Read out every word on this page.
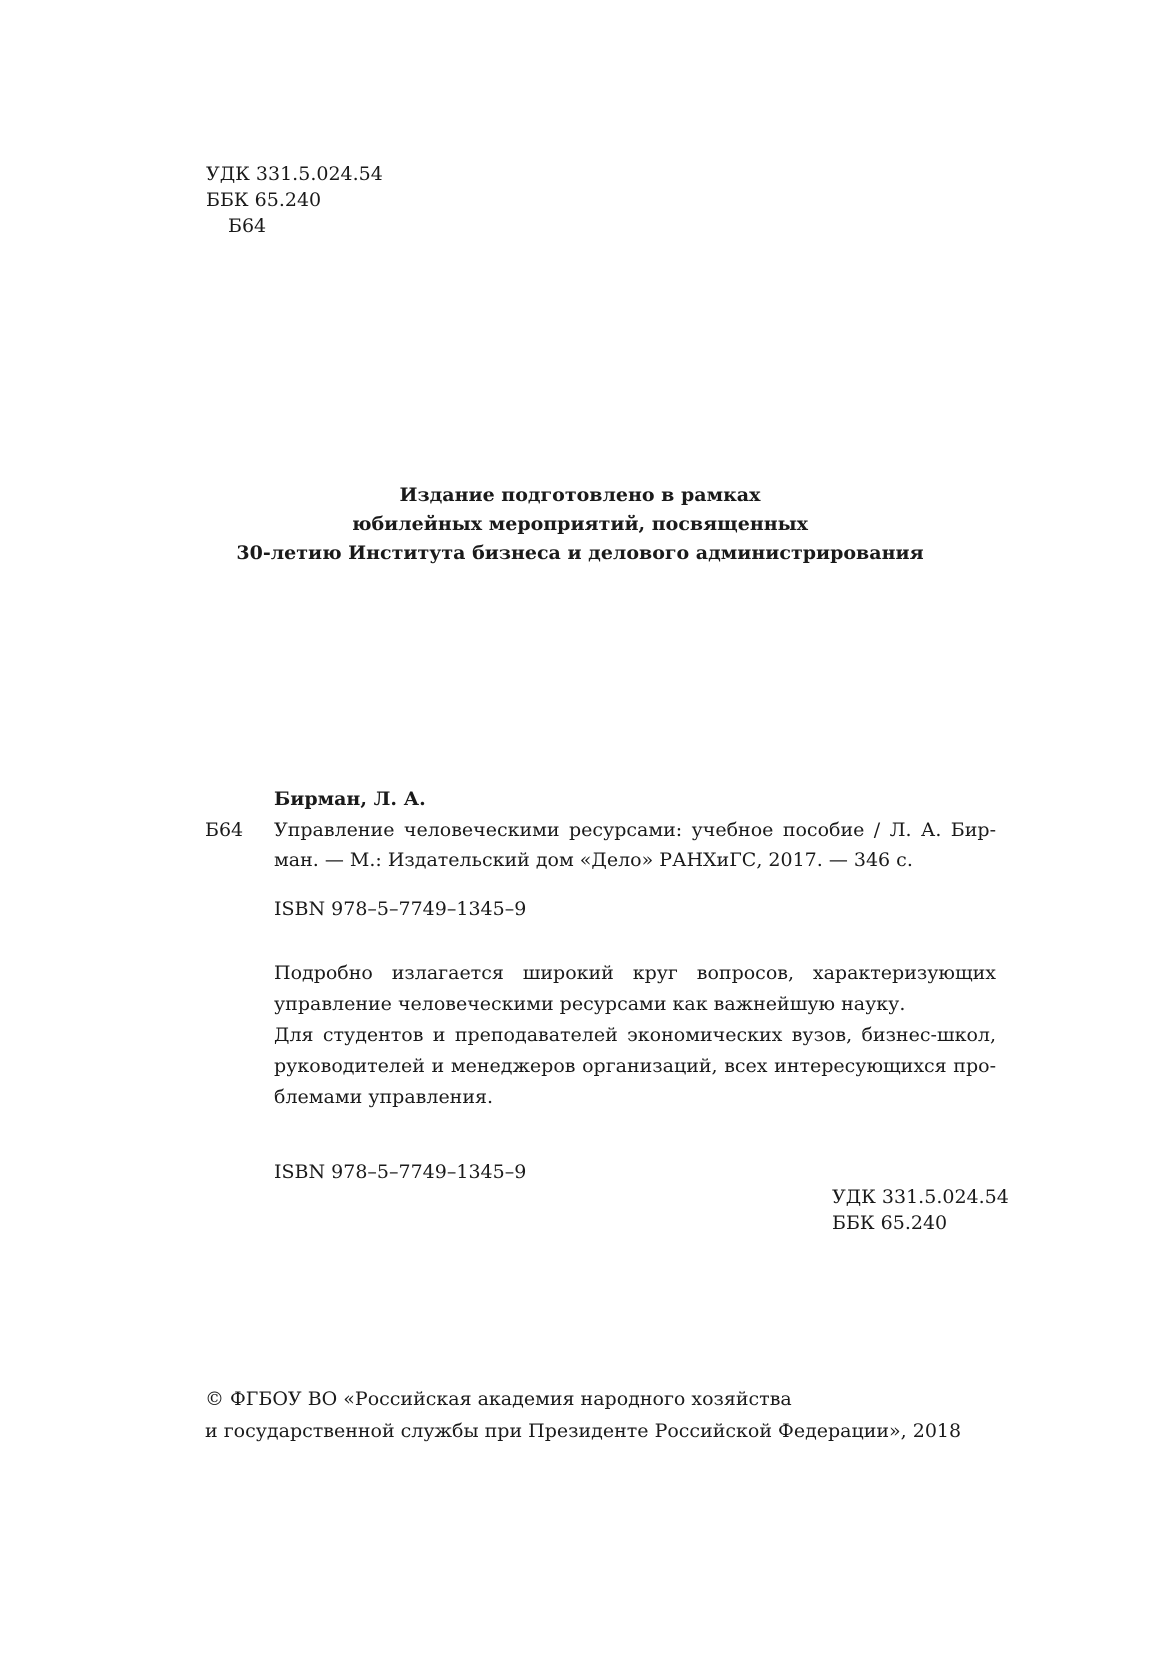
УДК 331.5.024.54
ББК 65.240
Б64
Издание подготовлено в рамках
юбилейных мероприятий, посвященных
30-летию Института бизнеса и делового администрирования
Бирман, Л. А.
Б64 Управление человеческими ресурсами: учебное пособие / Л. А. Бир-
ман. — М.: Издательский дом «Дело» РАНХиГС, 2017. — 346 с.
ISBN 978–5–7749–1345–9
Подробно излагается широкий круг вопросов, характеризующих
управление человеческими ресурсами как важнейшую науку.
Для студентов и преподавателей экономических вузов, бизнес-школ,
руководителей и менеджеров организаций, всех интересующихся про-
блемами управления.
ISBN 978–5–7749–1345–9
УДК 331.5.024.54
ББК 65.240
© ФГБОУ ВО «Российская академия народного хозяйства
и государственной службы при Президенте Российской Федерации», 2018
